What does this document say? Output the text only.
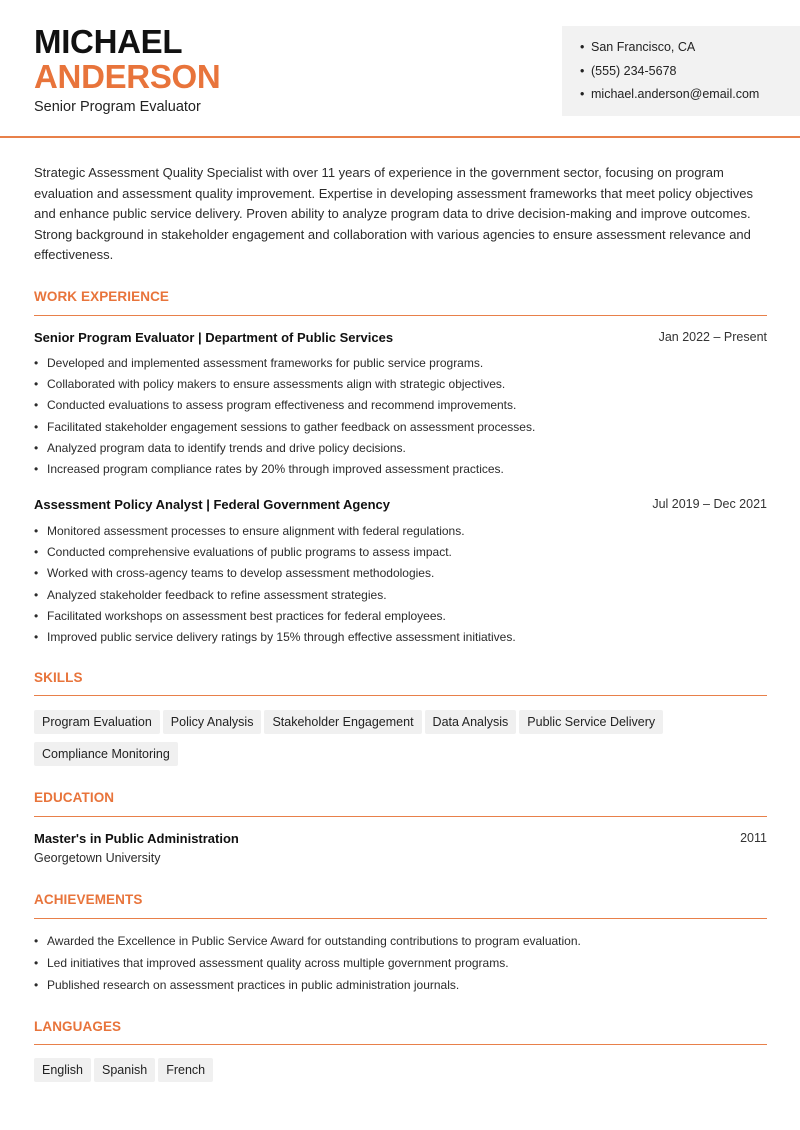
MICHAEL
ANDERSON
Senior Program Evaluator
• San Francisco, CA
• (555) 234-5678
• michael.anderson@email.com
Strategic Assessment Quality Specialist with over 11 years of experience in the government sector, focusing on program evaluation and assessment quality improvement. Expertise in developing assessment frameworks that meet policy objectives and enhance public service delivery. Proven ability to analyze program data to drive decision-making and improve outcomes. Strong background in stakeholder engagement and collaboration with various agencies to ensure assessment relevance and effectiveness.
WORK EXPERIENCE
Senior Program Evaluator | Department of Public Services	Jan 2022 – Present
• Developed and implemented assessment frameworks for public service programs.
• Collaborated with policy makers to ensure assessments align with strategic objectives.
• Conducted evaluations to assess program effectiveness and recommend improvements.
• Facilitated stakeholder engagement sessions to gather feedback on assessment processes.
• Analyzed program data to identify trends and drive policy decisions.
• Increased program compliance rates by 20% through improved assessment practices.
Assessment Policy Analyst | Federal Government Agency	Jul 2019 – Dec 2021
• Monitored assessment processes to ensure alignment with federal regulations.
• Conducted comprehensive evaluations of public programs to assess impact.
• Worked with cross-agency teams to develop assessment methodologies.
• Analyzed stakeholder feedback to refine assessment strategies.
• Facilitated workshops on assessment best practices for federal employees.
• Improved public service delivery ratings by 15% through effective assessment initiatives.
SKILLS
Program Evaluation Policy Analysis Stakeholder Engagement Data Analysis Public Service DeliveryCompliance Monitoring
EDUCATION
Master's in Public Administration	2011
Georgetown University
ACHIEVEMENTS
• Awarded the Excellence in Public Service Award for outstanding contributions to program evaluation.
• Led initiatives that improved assessment quality across multiple government programs.
• Published research on assessment practices in public administration journals.
LANGUAGES
English Spanish French
